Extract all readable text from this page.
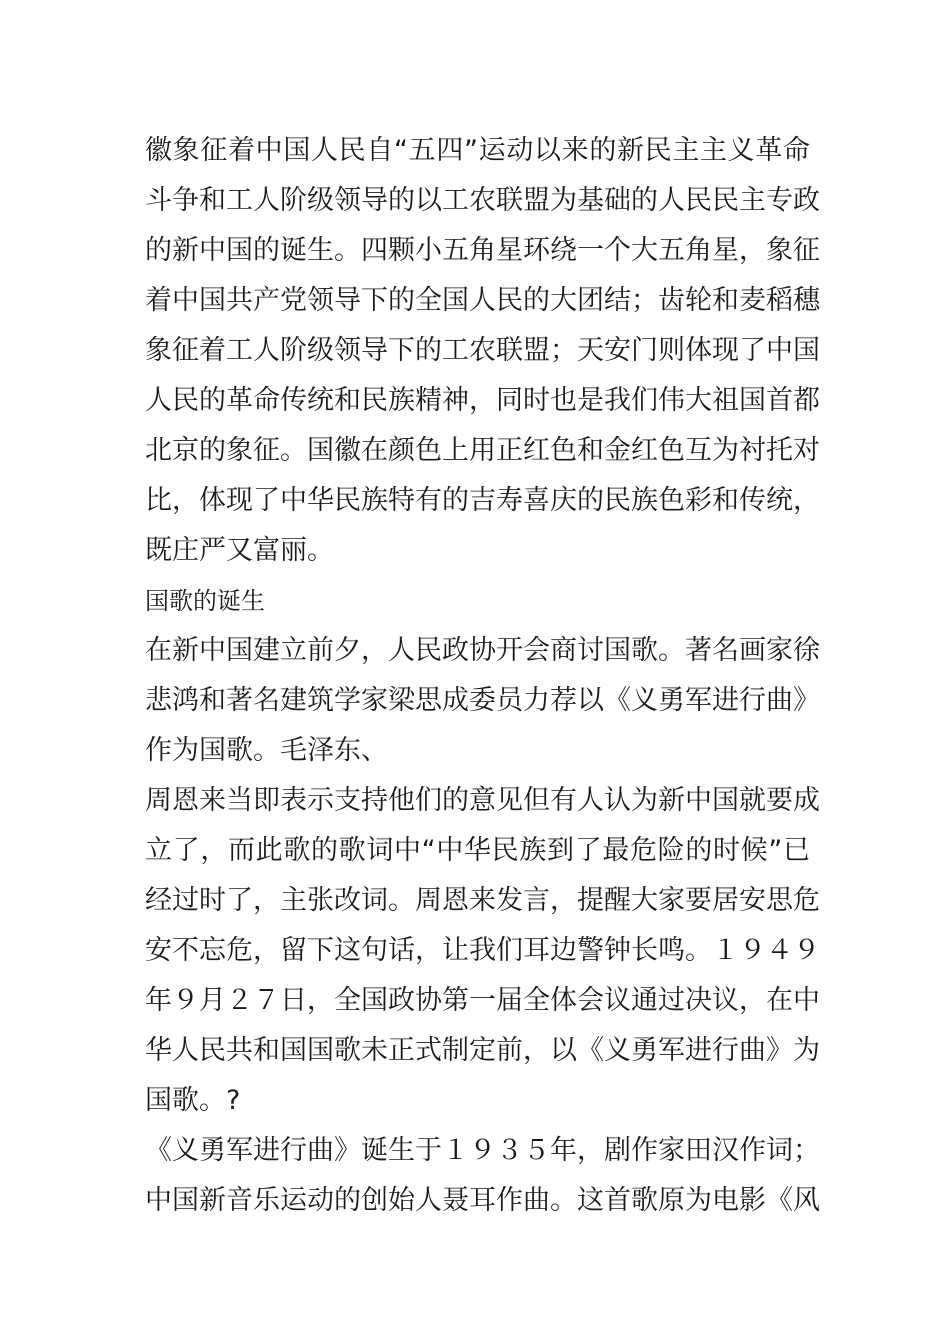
徽象征着中国人民自“五四”运动以来的新民主主义革命
斗争和工人阶级领导的以工农联盟为基础的人民民主专政
的新中国的诞生。四颗小五角星环绕一个大五角星，象征
着中国共产党领导下的全国人民的大团结；齿轮和麦稻穗
象征着工人阶级领导下的工农联盟；天安门则体现了中国
人民的革命传统和民族精神，同时也是我们伟大祖国首都
北京的象征。国徽在颜色上用正红色和金红色互为衬托对
比，体现了中华民族特有的吉寿喜庆的民族色彩和传统，
既庄严又富丽。
国歌的诞生
在新中国建立前夕，人民政协开会商讨国歌。著名画家徐
悲鸿和著名建筑学家梁思成委员力荐以《义勇军进行曲》
作为国歌。毛泽东、
周恩来当即表示支持他们的意见但有人认为新中国就要成
立了，而此歌的歌词中“中华民族到了最危险的时候”已
经过时了，主张改词。周恩来发言，提醒大家要居安思危
安不忘危，留下这句话，让我们耳边警钟长鸣。１９４９
年９月２７日，全国政协第一届全体会议通过决议，在中
华人民共和国国歌未正式制定前，以《义勇军进行曲》为
国歌。?
《义勇军进行曲》诞生于１９３５年，剧作家田汉作词；
中国新音乐运动的创始人聂耳作曲。这首歌原为电影《风
